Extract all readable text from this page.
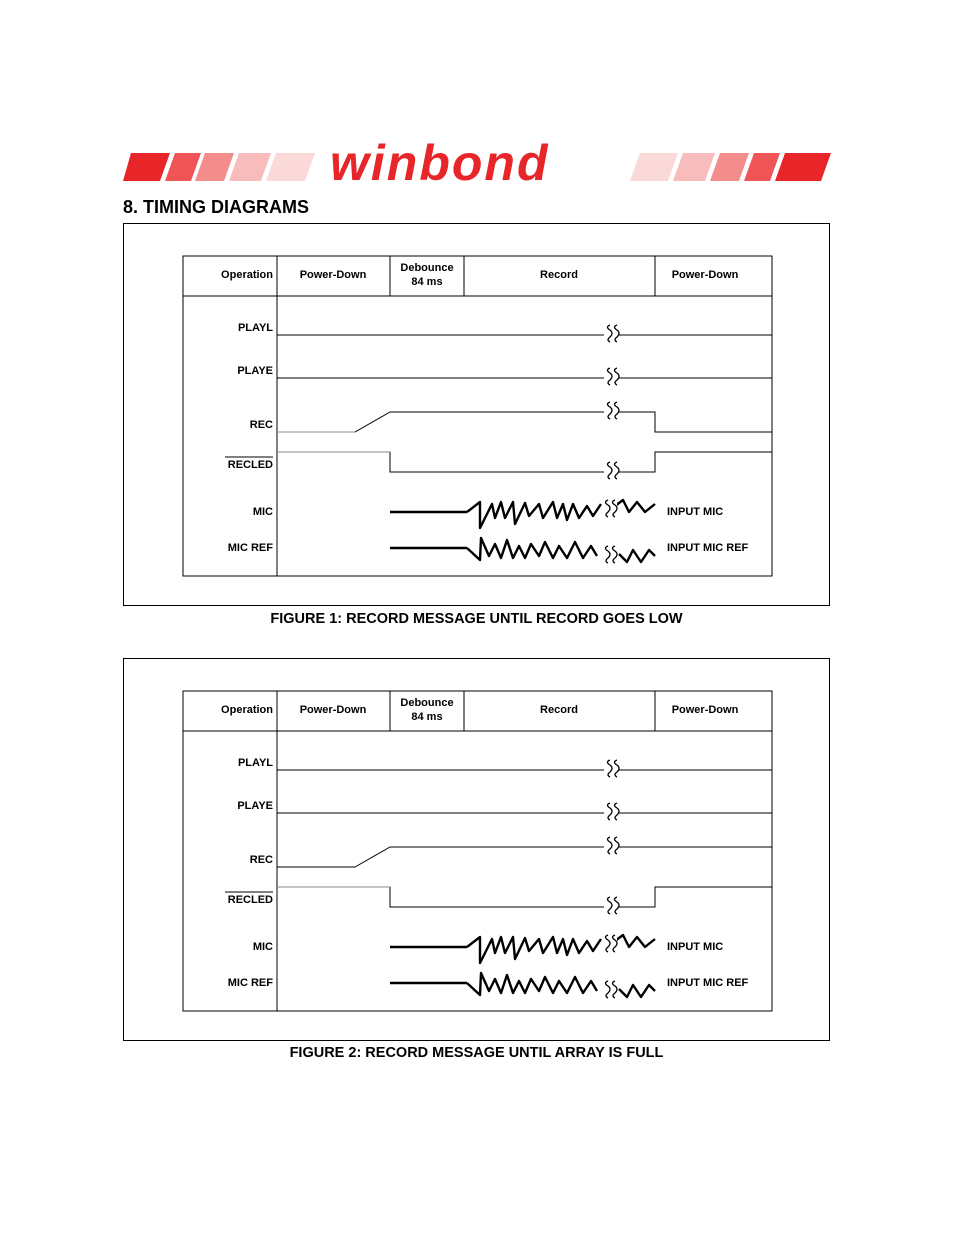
winbond
8. TIMING DIAGRAMS
Operation Power-Down
Debounce
84 ms
Record	Power-Down
PLAYL
PLAYE
REC
RECLED
MIC
MIC REF
INPUT MIC
INPUT MIC REF
FIGURE 1: RECORD MESSAGE UNTIL RECORD GOES LOW
Operation Power-Down
Debounce
84 ms
Record	Power-Down
PLAYL
PLAYE
REC
RECLED
MIC
MIC REF
INPUT MIC
INPUT MIC REF
FIGURE 2: RECORD MESSAGE UNTIL ARRAY IS FULL
